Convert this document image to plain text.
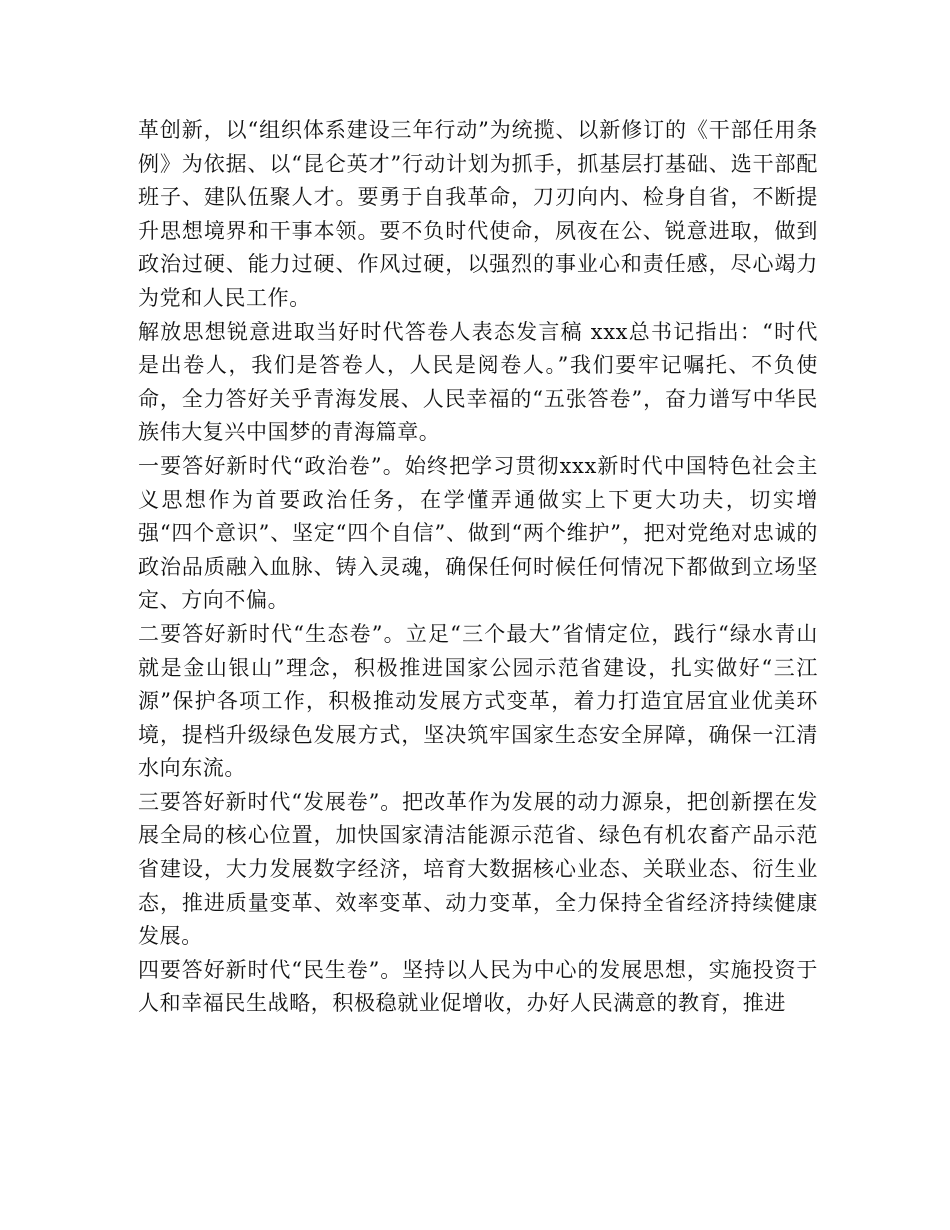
革创新，以“组织体系建设三年行动”为统揽、以新修订的《干部任用条例》为依据、以“昆仑英才”行动计划为抓手，抓基层打基础、选干部配班子、建队伍聚人才。要勇于自我革命，刀刃向内、检身自省，不断提升思想境界和干事本领。要不负时代使命，夙夜在公、锐意进取，做到政治过硬、能力过硬、作风过硬，以强烈的事业心和责任感，尽心竭力为党和人民工作。

解放思想锐意进取当好时代答卷人表态发言稿 xxx总书记指出：“时代是出卷人，我们是答卷人，人民是阅卷人。”我们要牢记嘱托、不负使命，全力答好关乎青海发展、人民幸福的“五张答卷”，奋力谱写中华民族伟大复兴中国梦的青海篇章。

一要答好新时代“政治卷”。始终把学习贯彻xxx新时代中国特色社会主义思想作为首要政治任务，在学懂弄通做实上下更大功夫，切实增强“四个意识”、坚定“四个自信”、做到“两个维护”，把对党绝对忠诚的政治品质融入血脉、铸入灵魂，确保任何时候任何情况下都做到立场坚定、方向不偏。

二要答好新时代“生态卷”。立足“三个最大”省情定位，践行“绿水青山就是金山银山”理念，积极推进国家公园示范省建设，扎实做好“三江源”保护各项工作，积极推动发展方式变革，着力打造宜居宜业优美环境，提档升级绿色发展方式，坚决筑牢国家生态安全屏障，确保一江清水向东流。

三要答好新时代“发展卷”。把改革作为发展的动力源泉，把创新摆在发展全局的核心位置，加快国家清洁能源示范省、绿色有机农畜产品示范省建设，大力发展数字经济，培育大数据核心业态、关联业态、衍生业态，推进质量变革、效率变革、动力变革，全力保持全省经济持续健康发展。

四要答好新时代“民生卷”。坚持以人民为中心的发展思想，实施投资于人和幸福民生战略，积极稳就业促增收，办好人民满意的教育，推进
